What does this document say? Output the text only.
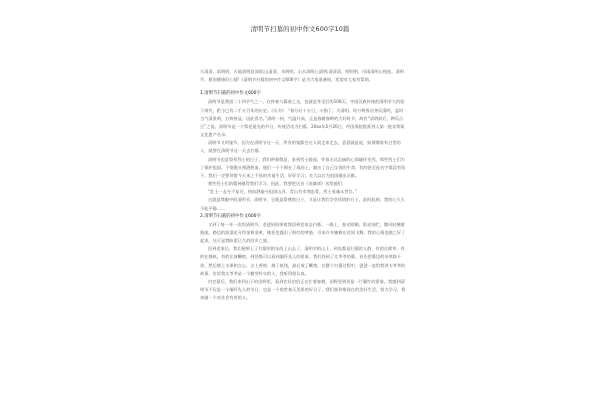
清明节扫墓的初中作文600字10篇

天清清，雨明明，天地清明意深情;山清清，水明明，山水清明心清明;清清清，明明明，风雨清明心相连。清明节，愿你健康好心情!《清明节扫墓的初中作文600字》是为大家准备的，希望对大家有帮助。

1.清明节扫墓的初中作文600字

清明节是我国二十四节气之一，在仲春与暮春之交，也就是冬至后的108天。中国汉族传统的清明节大约始于周代，距今已有二千五百年的历史。《历书》：“春分后十五日，斗指丁，为清明。时万物皆洁齐而清明，盖时当气清景明，万物皆显，因此得名。”清明一到，气温升高，正是春耕春种的大好时节，故有“清明前后，种瓜点豆”之说。清明节是一个祭祀祖先的节日，传统活动为扫墓。20xx年5月20日，经国务院批准列入第一批非物质文化遗产名录。

清明节又叫鬼节，因为在清明节这一天，所有的鬼都会在人间走来走去，意思就是说，如果哪家有过世的人，就要在清明节这一天去扫墓。

清明节也是祭拜烈士的日子，我们带着敬意，来到烈士陵园，怀着无比沉痛的心情缅怀先烈。那些烈士们为了保护祖国，不惜抛头颅洒热血，他们一个个倒在了战场上，献出了自己宝贵的生命，有的甚至连名字都没有留下。我们一定要珍惜今天来之不易的幸福生活，好好学习，长大以后为祖国做出贡献。

那些烈士们的精神值得我们学习。因此，我要把这首《英雄颂》送给他们：

“壮士一去兮不复还，热血洒遍兮祖国山河。青山有幸埋忠骨，烈士英魂永世存。”

这就是我眼中的清明节，清明节，它既是祭奠的日子，又是让我们学会珍惜的日子。此时此刻，我的心久久不能平静……

2.清明节扫墓的初中作文600字

又到了每一年一次的清明节，老爸妈妈带着我回到老家去扫墓。一路上，春光明媚，阳光灿烂，微风轻拂着脸庞，路边的油菜花开得金黄金黄，桃花也露出了粉红的笑脸，引来许多蜜蜂在花间飞舞，我的心情也随之好了起来，这可是我盼望已久的回乡之旅。

回到老家后，我们便带上了扫墓用的东西上山去了。清明节的山上，到处都是扫墓的人群，有的在除草，有的在烧纸，有的在放鞭炮，到处都可以看到缅怀先人的景象。我们找到了太爷爷的墓，首先把墓边的杂草除干净，然后摆上水果和点心，点上香烛，烧了纸钱，最后放了鞭炮。在整个扫墓过程中，爸爸一直给我讲太爷爷的故事，告诉我太爷爷是一个勤劳朴实的人，我听得很认真。

扫完墓后，我们来到山下的田野里，看到农民伯伯正在忙着春耕，田野里到处是一片繁忙的景象。我感到清明节不仅是一个缅怀先人的节日，也是一个欣赏春天美景的好日子。我们要珍惜现在的美好生活，努力学习，将来做一个对社会有用的人。
